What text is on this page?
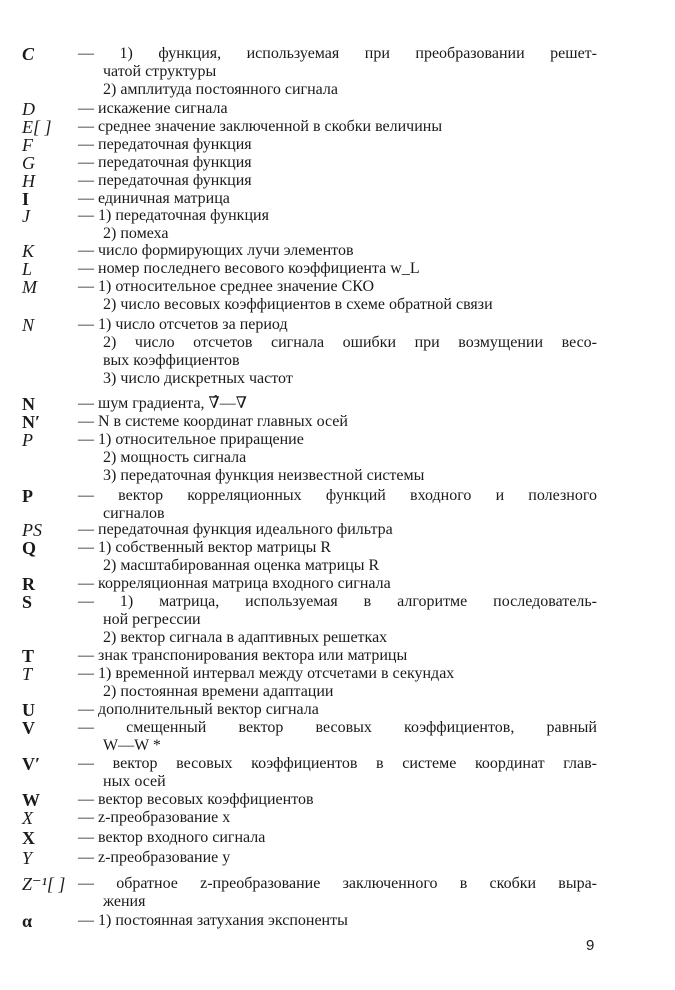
C	— 1) функция, используемая при преобразовании решет-
чатой структуры
2) амплитуда постоянного сигнала
D	— искажение сигнала
E[ ] — среднее значение заключенной в скобки величины
F	— передаточная функция
G	— передаточная функция
H	— передаточная функция
I	— единичная матрица
J	— 1) передаточная функция
2) помеха
K	— число формирующих лучи элементов
L	— номер последнего весового коэффициента w_L
M	— 1) относительное среднее значение СКО
2) число весовых коэффициентов в схеме обратной связи
N	— 1) число отсчетов за период
2) число отсчетов сигнала ошибки при возмущении весо-
вых коэффициентов
3) число дискретных частот
N	— шум градиента, ∇̂—∇
N′ — N в системе координат главных осей
P	— 1) относительное приращение
2) мощность сигнала
3) передаточная функция неизвестной системы
P	— вектор корреляционных функций входного и полезного
сигналов
PS — передаточная функция идеального фильтра
Q	— 1) собственный вектор матрицы R
2) масштабированная оценка матрицы R
R	— корреляционная матрица входного сигнала
S	— 1) матрица, используемая в алгоритме последователь-
ной регрессии
2) вектор сигнала в адаптивных решетках
T	— знак транспонирования вектора или матрицы
T	— 1) временной интервал между отсчетами в секундах
2) постоянная времени адаптации
U	— дополнительный вектор сигнала
V	— смещенный вектор весовых коэффициентов, равный
W—W *
V′ — вектор весовых коэффициентов в системе координат глав-
ных осей
W — вектор весовых коэффициентов
X	— z-преобразование x
X	— вектор входного сигнала
Y	— z-преобразование y
Z⁻¹[ ] — обратное z-преобразование заключенного в скобки выра-
жения
α	— 1) постоянная затухания экспоненты
9
